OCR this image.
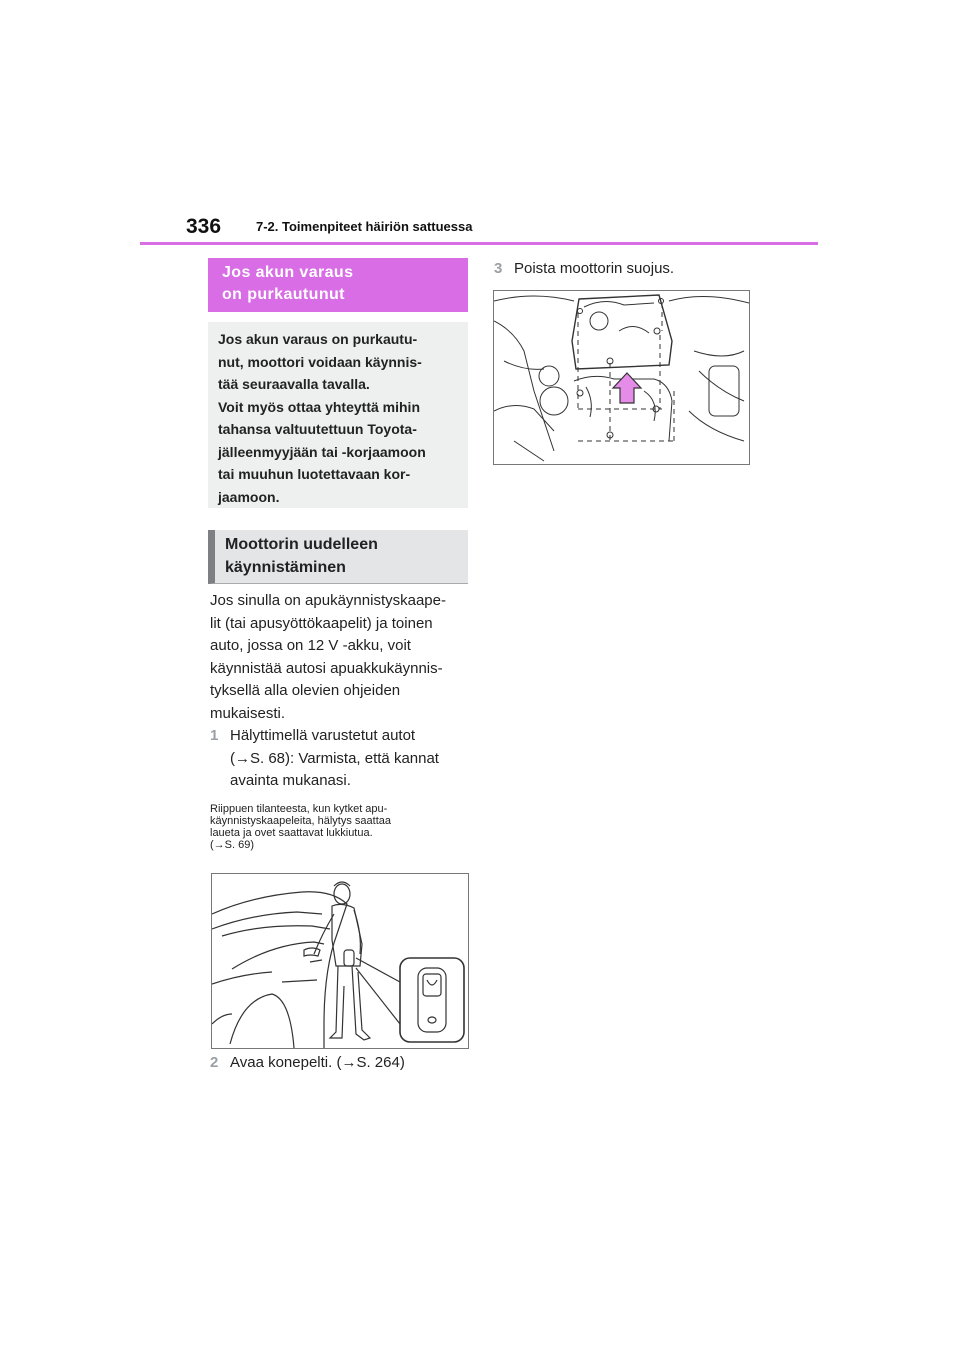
336	7-2. Toimenpiteet häiriön sattuessa
Jos akun varaus
on purkautunut
Jos akun varaus on purkautu-
nut, moottori voidaan käynnis-
tää seuraavalla tavalla.
Voit myös ottaa yhteyttä mihin
tahansa valtuutettuun Toyota-
jälleenmyyjään tai -korjaamoon
tai muuhun luotettavaan kor-
jaamoon.
Moottorin uudelleen
käynnistäminen
Jos sinulla on apukäynnistyskaape-
lit (tai apusyöttökaapelit) ja toinen
auto, jossa on 12 V -akku, voit
käynnistää autosi apuakkukäynnis-
tyksellä alla olevien ohjeiden
mukaisesti.
1 Hälyttimellä varustetut autot
(→S. 68): Varmista, että kannat
avainta mukanasi.
Riippuen tilanteesta, kun kytket apu-
käynnistyskaapeleita, hälytys saattaa
laueta ja ovet saattavat lukkiutua.
(→S. 69)
2 Avaa konepelti. (→S. 264)
3 Poista moottorin suojus.
